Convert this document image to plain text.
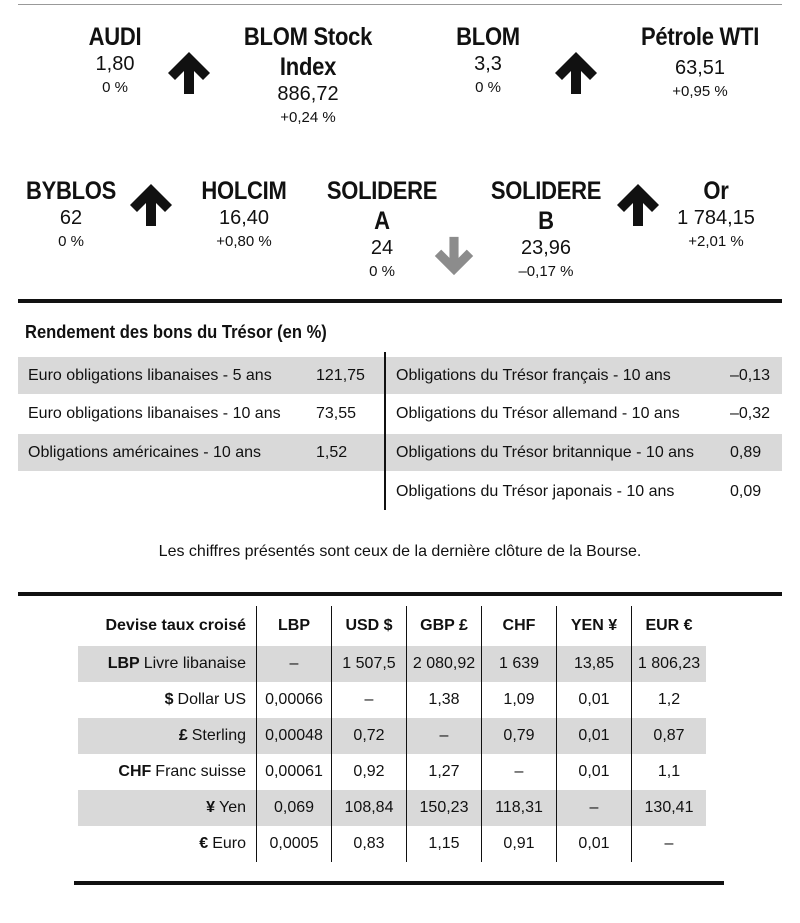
AUDI
1,80
0 %
BLOM Stock
Index
886,72
+0,24 %
BLOM
3,3
0 %
Pétrole WTI
63,51
+0,95 %
BYBLOS
62
0 %
HOLCIM
16,40
+0,80 %
SOLIDERE A
24
0 %
SOLIDERE B
23,96
–0,17 %
Or
1 784,15
+2,01 %
Rendement des bons du Trésor (en %)
Euro obligations libanaises - 5 ans	121,75
Euro obligations libanaises - 10 ans 73,55
Obligations américaines - 10 ans	1,52
Obligations du Trésor français - 10 ans	–0,13
Obligations du Trésor allemand - 10 ans	–0,32
Obligations du Trésor britannique - 10 ans 0,89
Obligations du Trésor japonais - 10 ans	0,09
Les chiffres présentés sont ceux de la dernière clôture de la Bourse.
Devise taux croisé	LBP	USD $	GBP £	CHF	YEN ¥	EUR €
LBP Livre libanaise	–	1 507,5	2 080,92	1 639	13,85	1 806,23
$ Dollar US	0,00066	–	1,38	1,09	0,01	1,2
£ Sterling	0,00048	0,72	–	0,79	0,01	0,87
CHF Franc suisse	0,00061	0,92	1,27	–	0,01	1,1
¥ Yen	0,069	108,84	150,23	118,31	–	130,41
€ Euro	0,0005	0,83	1,15	0,91	0,01	–
